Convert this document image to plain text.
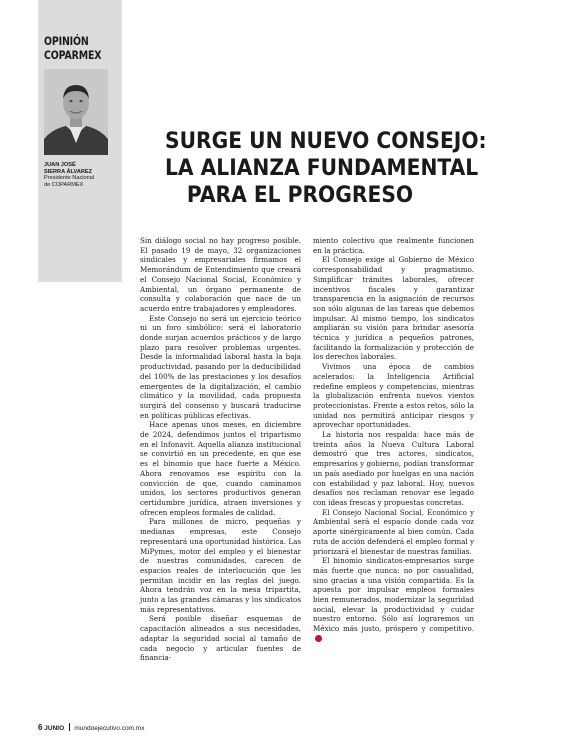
OPINIÓN
COPARMEX
JUAN JOSÉ
SIERRA ÁLVAREZ
Presidente Nacional
de COPARMEX
SURGE UN NUEVO CONSEJO:
LA ALIANZA FUNDAMENTAL
PARA EL PROGRESO

Sin diálogo social no hay progreso posible. El pasado 19 de mayo, 32 organizaciones sindicales y empresariales firmamos el Memorándum de Entendimiento que creará el Consejo Nacional Social, Económico y Ambiental, un órgano permanente de consulta y colaboración que nace de un acuerdo entre trabajadores y empleadores.

Este Consejo no será un ejercicio teórico ni un foro simbólico: será el laboratorio donde surjan acuerdos prácticos y de largo plazo para resolver problemas urgentes. Desde la informalidad laboral hasta la baja productividad, pasando por la deducibilidad del 100% de las prestaciones y los desafíos emergentes de la digitalización, el cambio climático y la movilidad, cada propuesta surgirá del consenso y buscará traducirse en políticas públicas efectivas.

Hace apenas unos meses, en diciembre de 2024, defendimos juntos el tripartismo en el Infonavit. Aquella alianza institucional se convirtió en un precedente, en que ese es el binomio que hace fuerte a México. Ahora renovamos ese espíritu con la convicción de que, cuando caminamos unidos, los sectores productivos generan certidumbre jurídica, atraen inversiones y ofrecen empleos formales de calidad.

Para millones de micro, pequeñas y medianas empresas, este Consejo representará una oportunidad histórica. Las MiPymes, motor del empleo y el bienestar de nuestras comunidades, carecen de espacios reales de interlocución que les permitan incidir en las reglas del juego. Ahora tendrán voz en la mesa tripartita, junto a las grandes cámaras y los sindicatos más representativos.

Será posible diseñar esquemas de capacitación alineados a sus necesidades, adaptar la seguridad social al tamaño de cada negocio y articular fuentes de financia-

miento colectivo que realmente funcionen en la práctica.

El Consejo exige al Gobierno de México corresponsabilidad y pragmatismo. Simplificar trámites laborales, ofrecer incentivos fiscales y garantizar transparencia en la asignación de recursos son sólo algunas de las tareas que debemos impulsar. Al mismo tiempo, los sindicatos ampliarán su visión para brindar asesoría técnica y jurídica a pequeños patrones, facilitando la formalización y protección de los derechos laborales.

Vivimos una época de cambios acelerados: la Inteligencia Artificial redefine empleos y competencias, mientras la globalización enfrenta nuevos vientos proteccionistas. Frente a estos retos, sólo la unidad nos permitirá anticipar riesgos y aprovechar oportunidades.

La historia nos respalda: hace más de treinta años la Nueva Cultura Laboral demostró que tres actores, sindicatos, empresarios y gobierno, podían transformar un país asediado por huelgas en una nación con estabilidad y paz laboral. Hoy, nuevos desafíos nos reclaman renovar ese legado con ideas frescas y propuestas concretas.

El Consejo Nacional Social, Económico y Ambiental será el espacio donde cada voz aporte sinérgicamente al bien común. Cada ruta de acción defenderá el empleo formal y priorizará el bienestar de nuestras familias.

El binomio sindicatos-empresarios surge más fuerte que nunca: no por casualidad, sino gracias a una visión compartida. Es la apuesta por impulsar empleos formales bien remunerados, modernizar la seguridad social, elevar la productividad y cuidar nuestro entorno. Sólo así lograremos un México más justo, próspero y competitivo.

6 JUNIO mundoejecutivo.com.mx
